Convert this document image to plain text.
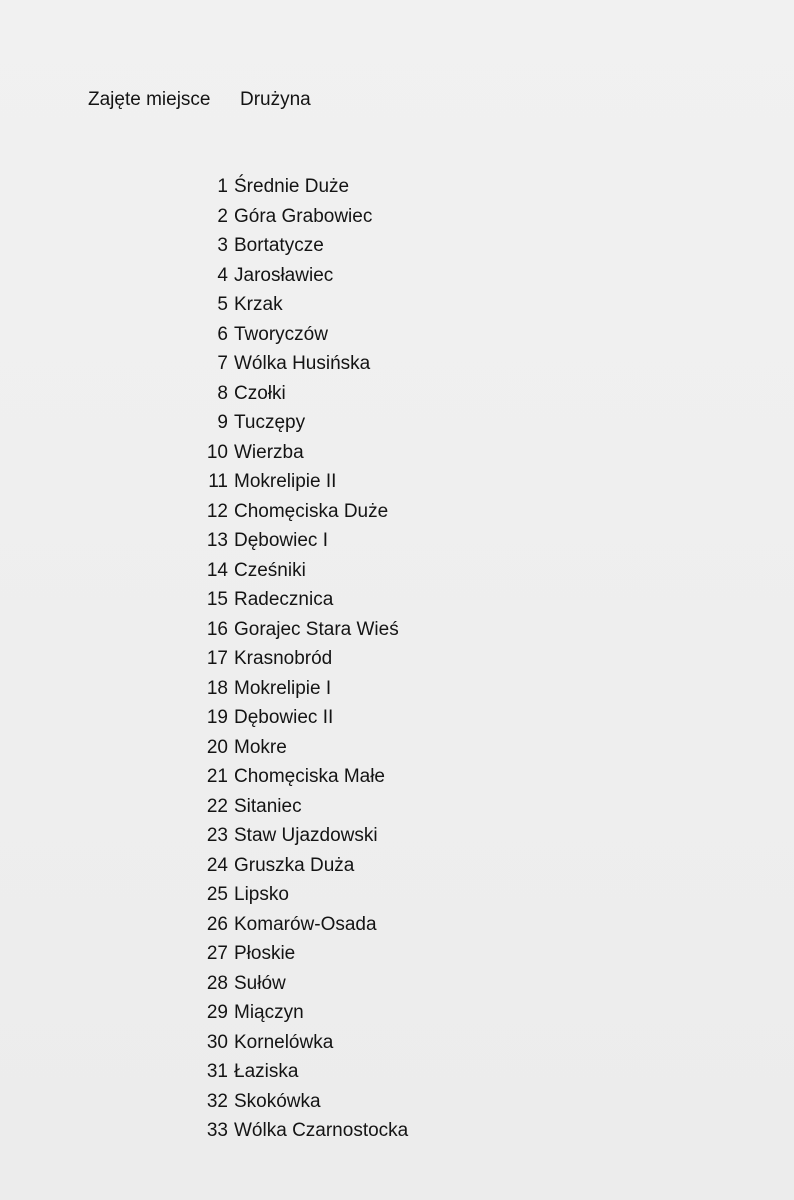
Zajęte miejsce Drużyna
1 Średnie Duże
2 Góra Grabowiec
3 Bortatycze
4 Jarosławiec
5 Krzak
6 Tworyczów
7 Wólka Husińska
8 Czołki
9 Tuczępy
10 Wierzba
11 Mokrelipie II
12 Chomęciska Duże
13 Dębowiec I
14 Cześniki
15 Radecznica
16 Gorajec Stara Wieś
17 Krasnobród
18 Mokrelipie I
19 Dębowiec II
20 Mokre
21 Chomęciska Małe
22 Sitaniec
23 Staw Ujazdowski
24 Gruszka Duża
25 Lipsko
26 Komarów-Osada
27 Płoskie
28 Sułów
29 Miączyn
30 Kornelówka
31 Łaziska
32 Skokówka
33 Wólka Czarnostocka
